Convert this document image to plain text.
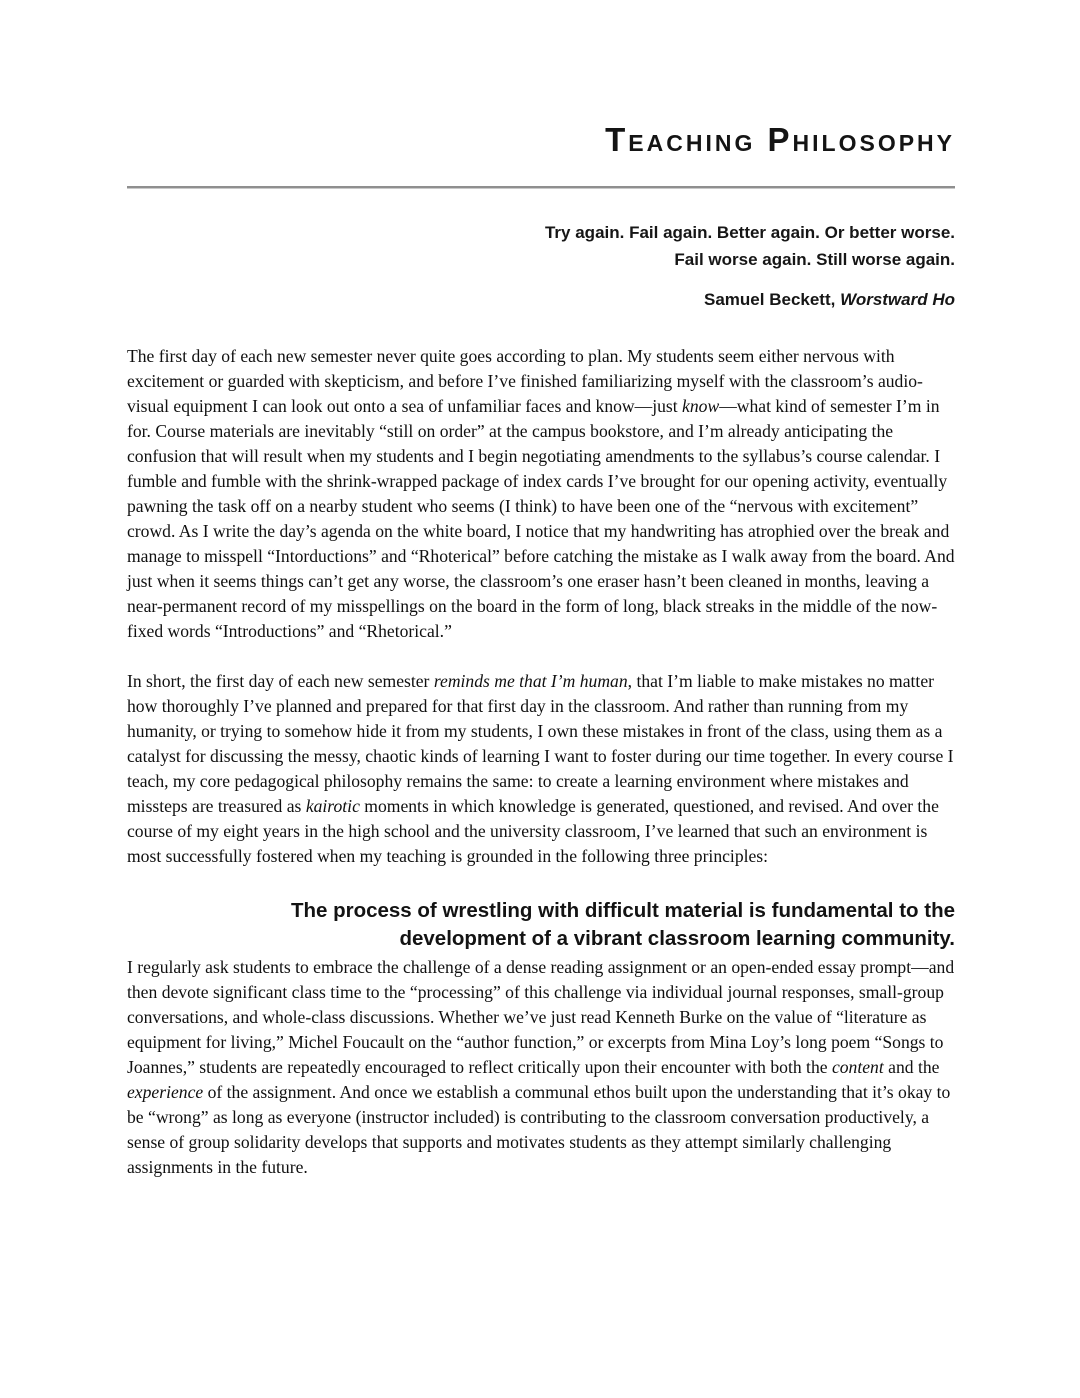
Teaching Philosophy
Try again. Fail again. Better again. Or better worse.
Fail worse again. Still worse again.
Samuel Beckett, Worstward Ho

The first day of each new semester never quite goes according to plan. My students seem either nervous with excitement or guarded with skepticism, and before I’ve finished familiarizing myself with the classroom’s audio-visual equipment I can look out onto a sea of unfamiliar faces and know—just know—what kind of semester I’m in for. Course materials are inevitably “still on order” at the campus bookstore, and I’m already anticipating the confusion that will result when my students and I begin negotiating amendments to the syllabus’s course calendar. I fumble and fumble with the shrink-wrapped package of index cards I’ve brought for our opening activity, eventually pawning the task off on a nearby student who seems (I think) to have been one of the “nervous with excitement” crowd. As I write the day’s agenda on the white board, I notice that my handwriting has atrophied over the break and manage to misspell “Intorductions” and “Rhoterical” before catching the mistake as I walk away from the board. And just when it seems things can’t get any worse, the classroom’s one eraser hasn’t been cleaned in months, leaving a near-permanent record of my misspellings on the board in the form of long, black streaks in the middle of the now-fixed words “Introductions” and “Rhetorical.”

In short, the first day of each new semester reminds me that I’m human, that I’m liable to make mistakes no matter how thoroughly I’ve planned and prepared for that first day in the classroom. And rather than running from my humanity, or trying to somehow hide it from my students, I own these mistakes in front of the class, using them as a catalyst for discussing the messy, chaotic kinds of learning I want to foster during our time together. In every course I teach, my core pedagogical philosophy remains the same: to create a learning environment where mistakes and missteps are treasured as kairotic moments in which knowledge is generated, questioned, and revised. And over the course of my eight years in the high school and the university classroom, I’ve learned that such an environment is most successfully fostered when my teaching is grounded in the following three principles:

The process of wrestling with difficult material is fundamental to the development of a vibrant classroom learning community.

I regularly ask students to embrace the challenge of a dense reading assignment or an open-ended essay prompt—and then devote significant class time to the “processing” of this challenge via individual journal responses, small-group conversations, and whole-class discussions. Whether we’ve just read Kenneth Burke on the value of “literature as equipment for living,” Michel Foucault on the “author function,” or excerpts from Mina Loy’s long poem “Songs to Joannes,” students are repeatedly encouraged to reflect critically upon their encounter with both the content and the experience of the assignment. And once we establish a communal ethos built upon the understanding that it’s okay to be “wrong” as long as everyone (instructor included) is contributing to the classroom conversation productively, a sense of group solidarity develops that supports and motivates students as they attempt similarly challenging assignments in the future.
